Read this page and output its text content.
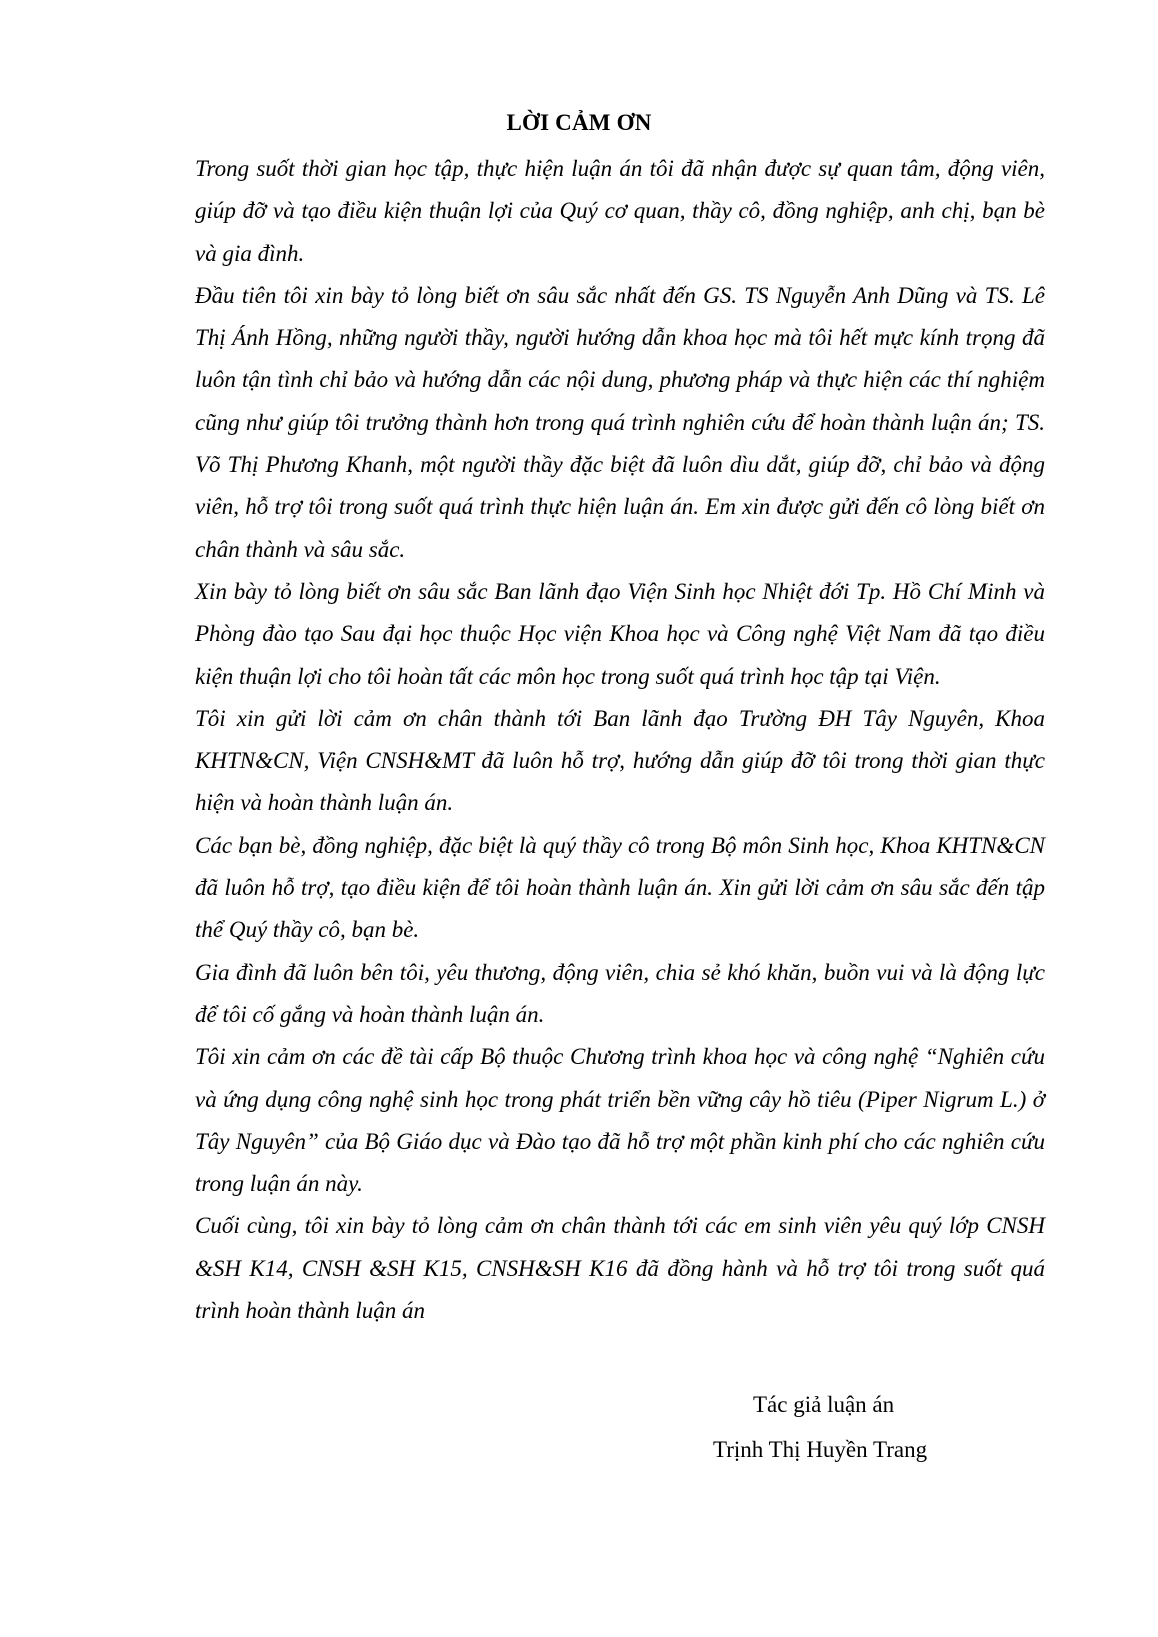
LỜI CẢM ƠN

Trong suốt thời gian học tập, thực hiện luận án tôi đã nhận được sự quan tâm, động viên, giúp đỡ và tạo điều kiện thuận lợi của Quý cơ quan, thầy cô, đồng nghiệp, anh chị, bạn bè và gia đình.

Đầu tiên tôi xin bày tỏ lòng biết ơn sâu sắc nhất đến GS. TS Nguyễn Anh Dũng và TS. Lê Thị Ánh Hồng, những người thầy, người hướng dẫn khoa học mà tôi hết mực kính trọng đã luôn tận tình chỉ bảo và hướng dẫn các nội dung, phương pháp và thực hiện các thí nghiệm cũng như giúp tôi trưởng thành hơn trong quá trình nghiên cứu để hoàn thành luận án; TS. Võ Thị Phương Khanh, một người thầy đặc biệt đã luôn dìu dắt, giúp đỡ, chỉ bảo và động viên, hỗ trợ tôi trong suốt quá trình thực hiện luận án. Em xin được gửi đến cô lòng biết ơn chân thành và sâu sắc.

Xin bày tỏ lòng biết ơn sâu sắc Ban lãnh đạo Viện Sinh học Nhiệt đới Tp. Hồ Chí Minh và Phòng đào tạo Sau đại học thuộc Học viện Khoa học và Công nghệ Việt Nam đã tạo điều kiện thuận lợi cho tôi hoàn tất các môn học trong suốt quá trình học tập tại Viện.

Tôi xin gửi lời cảm ơn chân thành tới Ban lãnh đạo Trường ĐH Tây Nguyên, Khoa KHTN&CN, Viện CNSH&MT đã luôn hỗ trợ, hướng dẫn giúp đỡ tôi trong thời gian thực hiện và hoàn thành luận án.

Các bạn bè, đồng nghiệp, đặc biệt là quý thầy cô trong Bộ môn Sinh học, Khoa KHTN&CN đã luôn hỗ trợ, tạo điều kiện để tôi hoàn thành luận án. Xin gửi lời cảm ơn sâu sắc đến tập thể Quý thầy cô, bạn bè.

Gia đình đã luôn bên tôi, yêu thương, động viên, chia sẻ khó khăn, buồn vui và là động lực để tôi cố gắng và hoàn thành luận án.

Tôi xin cảm ơn các đề tài cấp Bộ thuộc Chương trình khoa học và công nghệ “Nghiên cứu và ứng dụng công nghệ sinh học trong phát triển bền vững cây hồ tiêu (Piper Nigrum L.) ở Tây Nguyên” của Bộ Giáo dục và Đào tạo đã hỗ trợ một phần kinh phí cho các nghiên cứu trong luận án này.

Cuối cùng, tôi xin bày tỏ lòng cảm ơn chân thành tới các em sinh viên yêu quý lớp CNSH &SH K14, CNSH &SH K15, CNSH&SH K16 đã đồng hành và hỗ trợ tôi trong suốt quá trình hoàn thành luận án

Tác giả luận án
Trịnh Thị Huyền Trang
